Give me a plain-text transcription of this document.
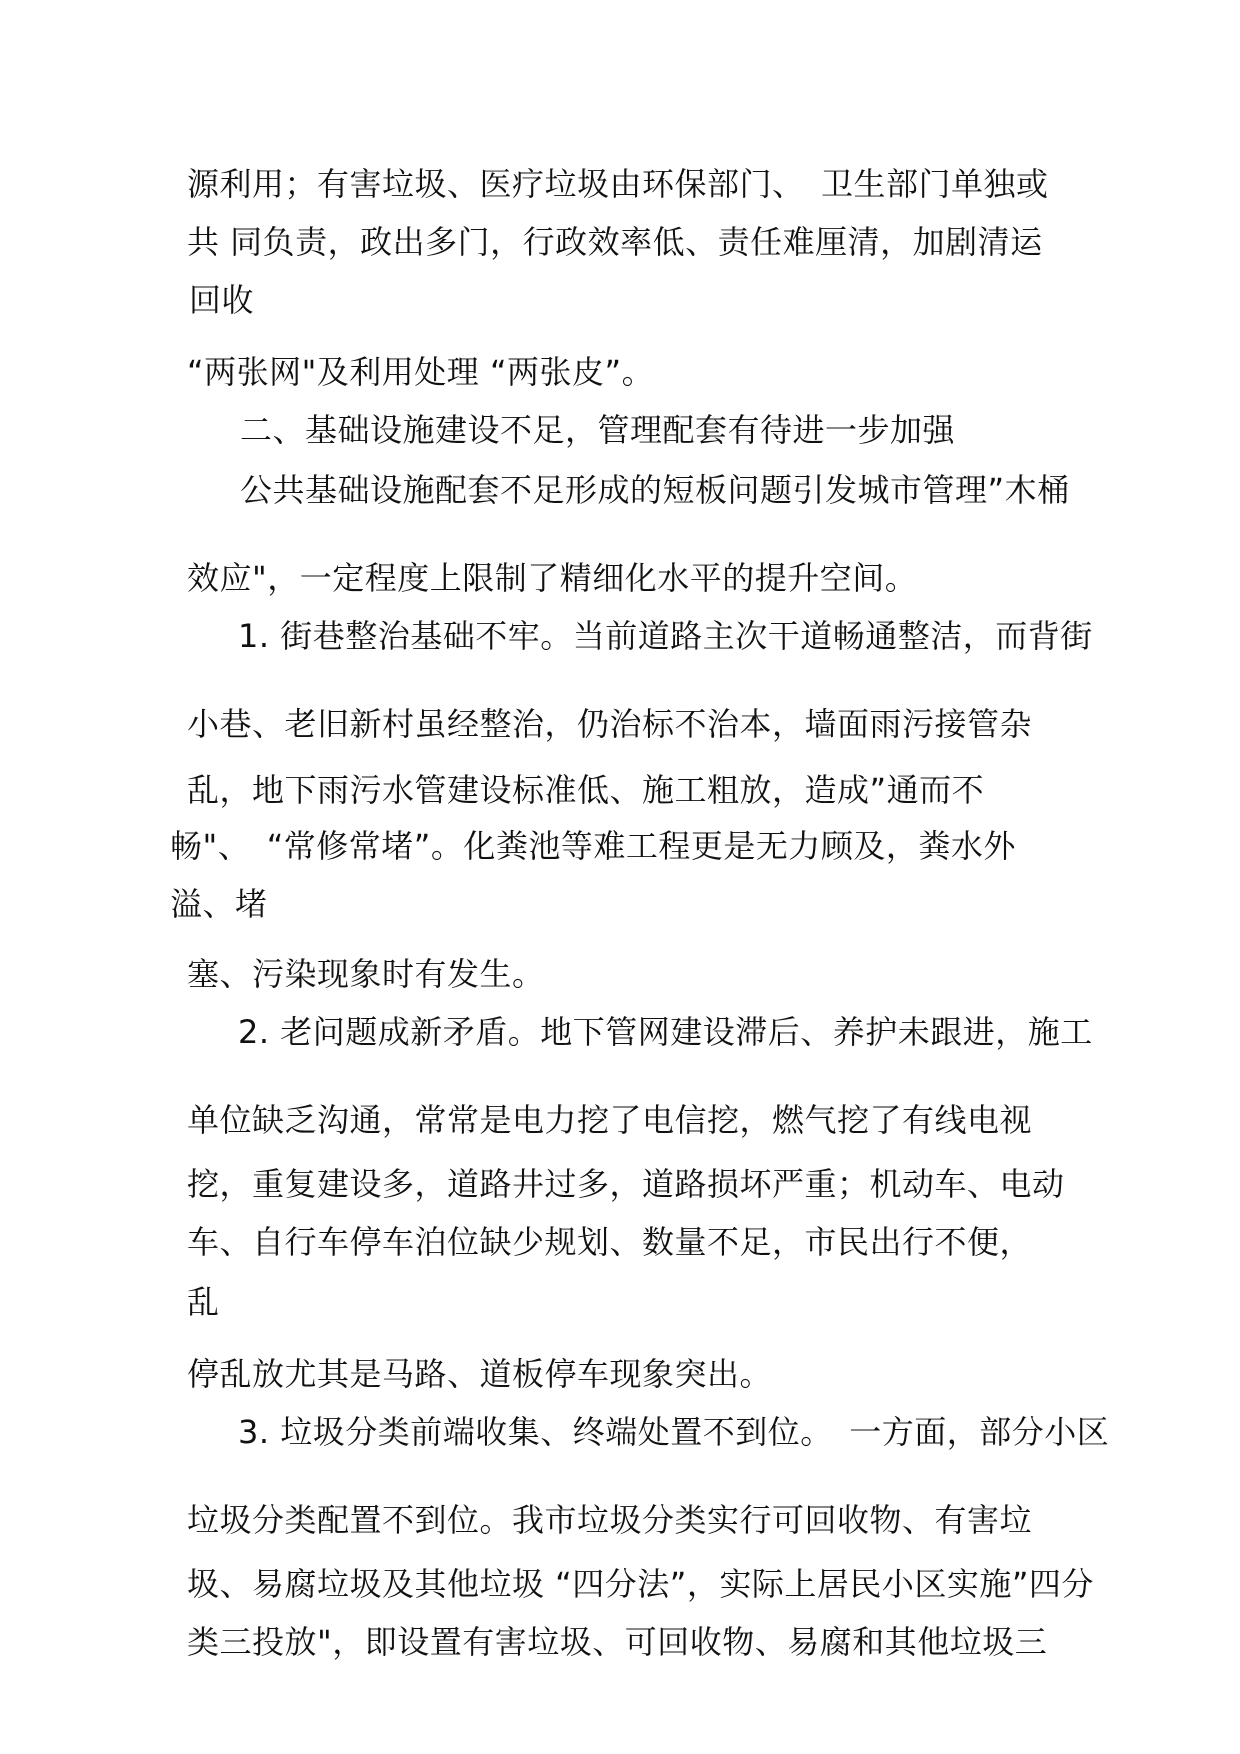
源利用；有害垃圾、医疗垃圾由环保部门、　卫生部门单独或
共 同负责，政出多门，行政效率低、责任难厘清，加剧清运
回收
“两张网"及利用处理 “两张皮”。
二、基础设施建设不足，管理配套有待进一步加强
公共基础设施配套不足形成的短板问题引发城市管理”木桶
效应"，一定程度上限制了精细化水平的提升空间。
1. 街巷整治基础不牢。当前道路主次干道畅通整洁，而背街
小巷、老旧新村虽经整治，仍治标不治本，墙面雨污接管杂
乱，地下雨污水管建设标准低、施工粗放，造成”通而不
畅"、　“常修常堵”。化粪池等难工程更是无力顾及，粪水外
溢、堵
塞、污染现象时有发生。
2. 老问题成新矛盾。地下管网建设滞后、养护未跟进，施工
单位缺乏沟通，常常是电力挖了电信挖，燃气挖了有线电视
挖，重复建设多，道路井过多，道路损坏严重；机动车、电动
车、自行车停车泊位缺少规划、数量不足，市民出行不便，
乱
停乱放尤其是马路、道板停车现象突出。
3. 垃圾分类前端收集、终端处置不到位。　一方面，部分小区
垃圾分类配置不到位。我市垃圾分类实行可回收物、有害垃
圾、易腐垃圾及其他垃圾 “四分法”，实际上居民小区实施”四分
类三投放"，即设置有害垃圾、可回收物、易腐和其他垃圾三
